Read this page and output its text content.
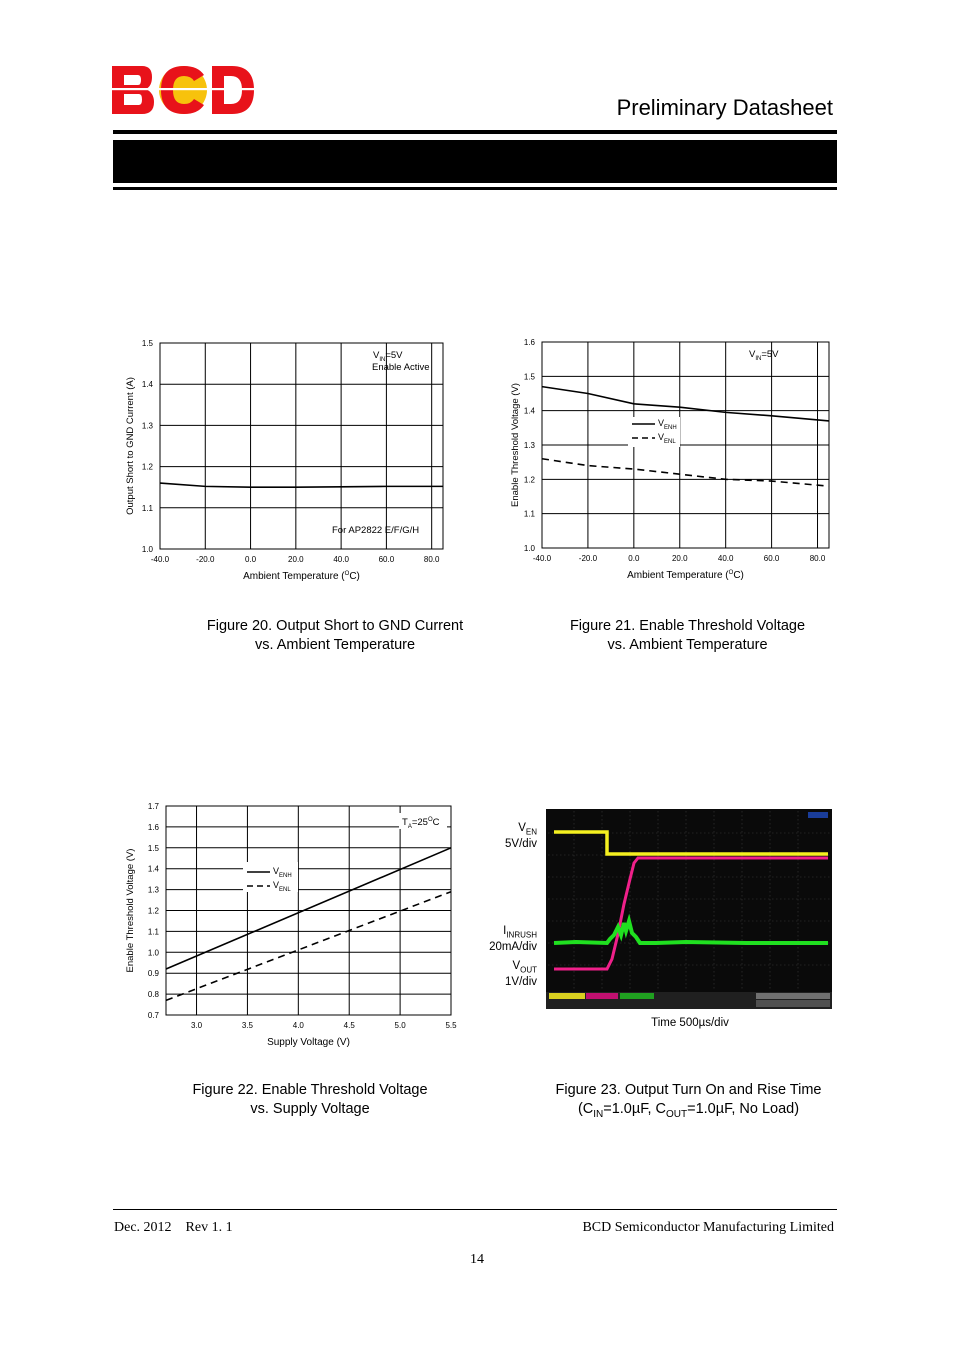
Preliminary Datasheet
-40.0	-20.0	0.0	20.0	40.0	60.0	80.0
1.0
1.1
1.2
1.3
1.4
1.5
Ambient Temperature ($^O$C)
Output Short to GND Current (A)
$V_{IN}=5V$
Enable Active
For AP2822 E/F/G/H
-40.0	-20.0	0.0	20.0	40.0	60.0	80.0
1.0
1.1
1.2
1.3
1.4
1.5
1.6
Ambient Temperature ($^O$C)
Enable Threshold Voltage (V)
$V_{IN}=5V$
$V_{ENH}$
$V_{ENL}$
3.0	3.5	4.0	4.5	5.0	5.5
0.7
0.8
0.9
1.0
1.1
1.2
1.3
1.4
1.5
1.6
1.7
Supply Voltage (V)
Enable Threshold Voltage (V)
$T_A=25^OC$
$V_{ENH}$
$V_{ENL}$
$V_{EN}$
5V/div
$I_{INRUSH}$
20mA/div
$V_{OUT}$
1V/div
Figure 20. Output Short to GND Current
vs. Ambient Temperature
Figure 21. Enable Threshold Voltage
vs. Ambient Temperature
Figure 22. Enable Threshold Voltage
vs. Supply Voltage
Figure 23. Output Turn On and Rise Time
($C_{IN}=1.0\mu F$, $C_{OUT}=1.0\mu F$, No Load)
Time 500µs/div
Dec. 2012 Rev 1. 1	BCD Semiconductor Manufacturing Limited
14
